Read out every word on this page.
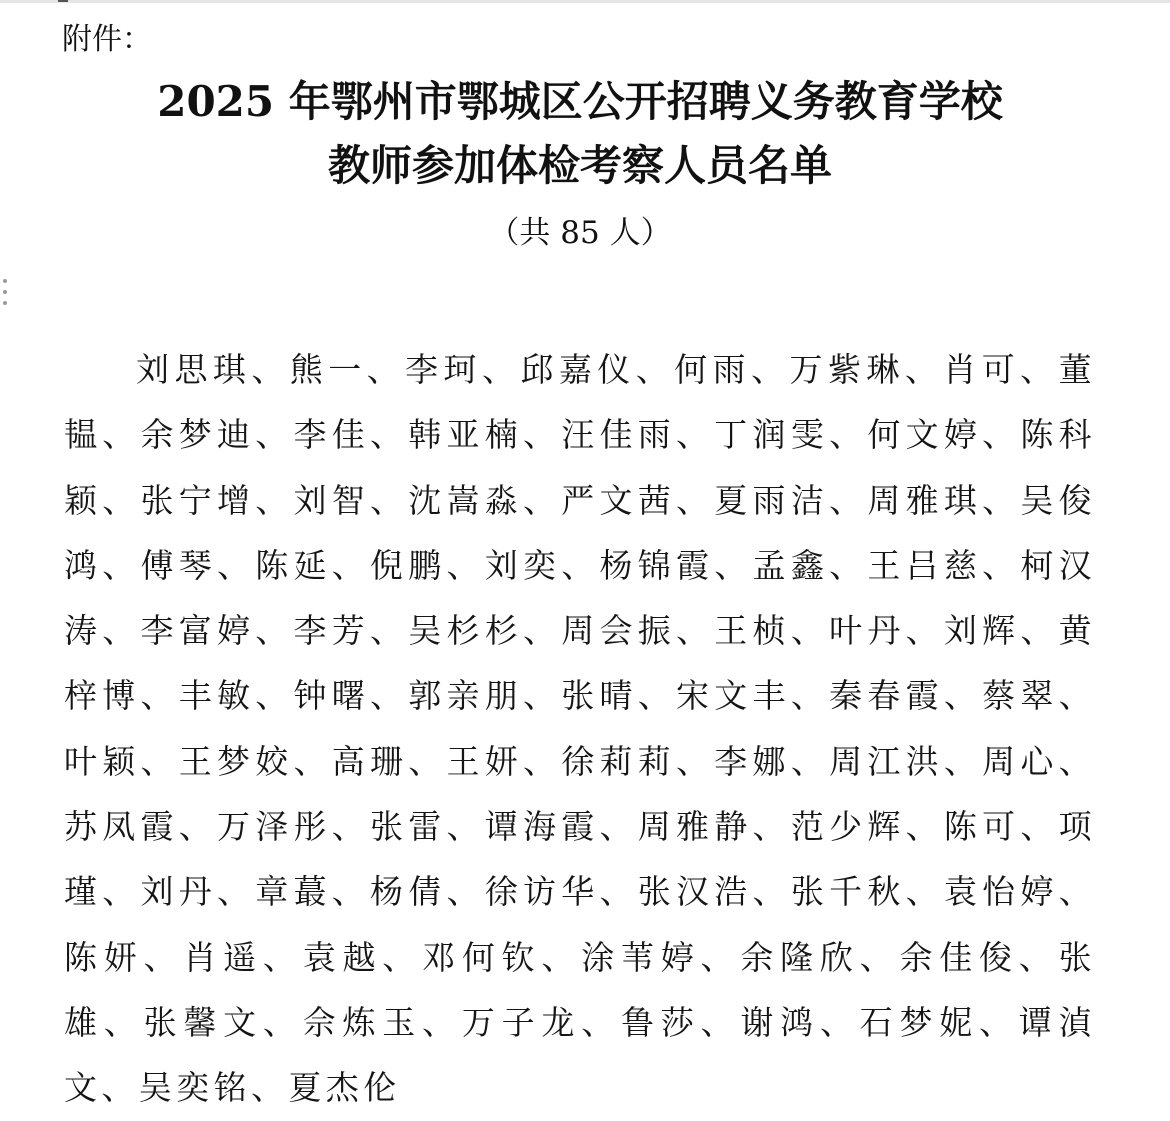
附件：
2025 年鄂州市鄂城区公开招聘义务教育学校
教师参加体检考察人员名单
（共 85 人）
刘思琪、熊一、李珂、邱嘉仪、何雨、万紫琳、肖可、董韫、余梦迪、李佳、韩亚楠、汪佳雨、丁润雯、何文婷、陈科颖、张宁增、刘智、沈嵩淼、严文茜、夏雨洁、周雅琪、吴俊鸿、傅琴、陈延、倪鹏、刘奕、杨锦霞、孟鑫、王吕慈、柯汉涛、李富婷、李芳、吴杉杉、周会振、王桢、叶丹、刘辉、黄梓博、丰敏、钟曙、郭亲朋、张晴、宋文丰、秦春霞、蔡翠、叶颖、王梦姣、高珊、王妍、徐莉莉、李娜、周江洪、周心、苏凤霞、万泽彤、张雷、谭海霞、周雅静、范少辉、陈可、项瑾、刘丹、章蕞、杨倩、徐访华、张汉浩、张千秋、袁怡婷、陈妍、肖遥、袁越、邓何钦、涂苇婷、余隆欣、余佳俊、张雄、张馨文、佘炼玉、万子龙、鲁莎、谢鸿、石梦妮、谭湞文、吴奕铭、夏杰伦
